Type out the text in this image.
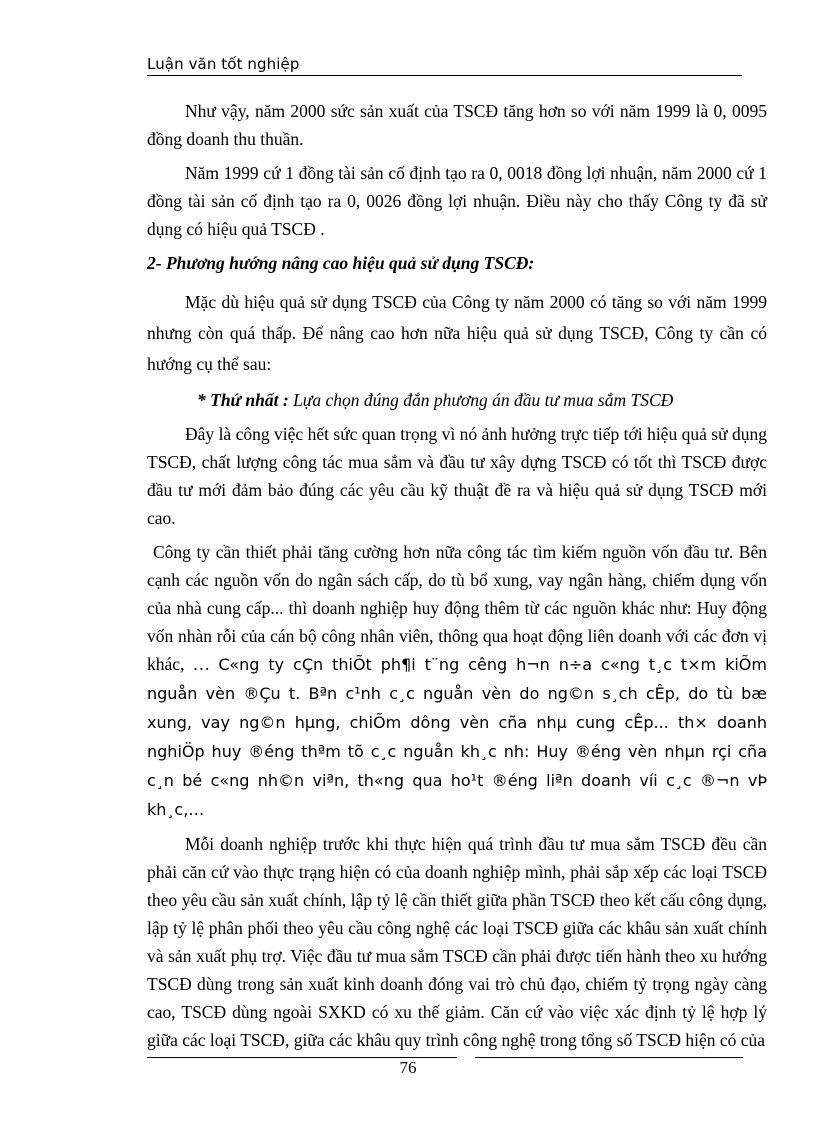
Luận văn tốt nghiệp

Như vậy, năm 2000 sức sản xuất của TSCĐ tăng hơn so với năm 1999 là 0, 0095 đồng doanh thu thuần.

Năm 1999 cứ 1 đồng tài sản cố định tạo ra 0, 0018 đồng lợi nhuận, năm 2000 cứ 1 đồng tài sản cố định tạo ra 0, 0026 đồng lợi nhuận. Điều này cho thấy Công ty đã sử dụng có hiệu quả TSCĐ .

2- Phương hướng nâng cao hiệu quả sử dụng TSCĐ:

Mặc dù hiệu quả sử dụng TSCĐ của Công ty năm 2000 có tăng so với năm 1999 nhưng còn quá thấp. Để nâng cao hơn nữa hiệu quả sử dụng TSCĐ, Công ty cần có hướng cụ thể sau:

* Thứ nhất : Lựa chọn đúng đắn phương án đầu tư mua sắm TSCĐ

Đây là công việc hết sức quan trọng vì nó ảnh hưởng trực tiếp tới hiệu quả sử dụng TSCĐ, chất lượng công tác mua sắm và đầu tư xây dựng TSCĐ có tốt thì TSCĐ được đầu tư mới đảm bảo đúng các yêu cầu kỹ thuật đề ra và hiệu quả sử dụng TSCĐ mới cao.

Công ty cần thiết phải tăng cường hơn nữa công tác tìm kiếm nguồn vốn đầu tư. Bên cạnh các nguồn vốn do ngân sách cấp, do tù bổ xung, vay ngân hàng, chiếm dụng vốn của nhà cung cấp... thì doanh nghiệp huy động thêm từ các nguồn khác như: Huy động vốn nhàn rỗi của cán bộ công nhân viên, thông qua hoạt động liên doanh với các đơn vị khác, … C«ng ty cÇn thiÕt ph¶i t¨ng cêng h¬n n÷a c«ng t¸c t×m kiÕm nguån vèn ®Çu t. Bªn c¹nh c¸c nguån vèn do ng©n s¸ch cÊp, do tù bæ xung, vay ng©n hµng, chiÕm dông vèn cña nhµ cung cÊp... th× doanh nghiÖp huy ®éng thªm tõ c¸c nguån kh¸c nh: Huy ®éng vèn nhµn rçi cña c¸n bé c«ng nh©n viªn, th«ng qua ho¹t ®éng liªn doanh víi c¸c ®¬n vÞ kh¸c,…

Mỗi doanh nghiệp trước khi thực hiện quá trình đầu tư mua sắm TSCĐ đều cần phải căn cứ vào thực trạng hiện có của doanh nghiệp mình, phải sắp xếp các loại TSCĐ theo yêu cầu sản xuất chính, lập tỷ lệ cần thiết giữa phần TSCĐ theo kết cấu công dụng, lập tỷ lệ phân phối theo yêu cầu công nghệ các loại TSCĐ giữa các khâu sản xuất chính và sản xuất phụ trợ. Việc đầu tư mua sắm TSCĐ cần phải được tiến hành theo xu hướng TSCĐ dùng trong sản xuất kinh doanh đóng vai trò chủ đạo, chiếm tỷ trọng ngày càng cao, TSCĐ dùng ngoài SXKD có xu thế giảm. Căn cứ vào việc xác định tỷ lệ hợp lý giữa các loại TSCĐ, giữa các khâu quy trình công nghệ trong tổng số TSCĐ hiện có của

76
